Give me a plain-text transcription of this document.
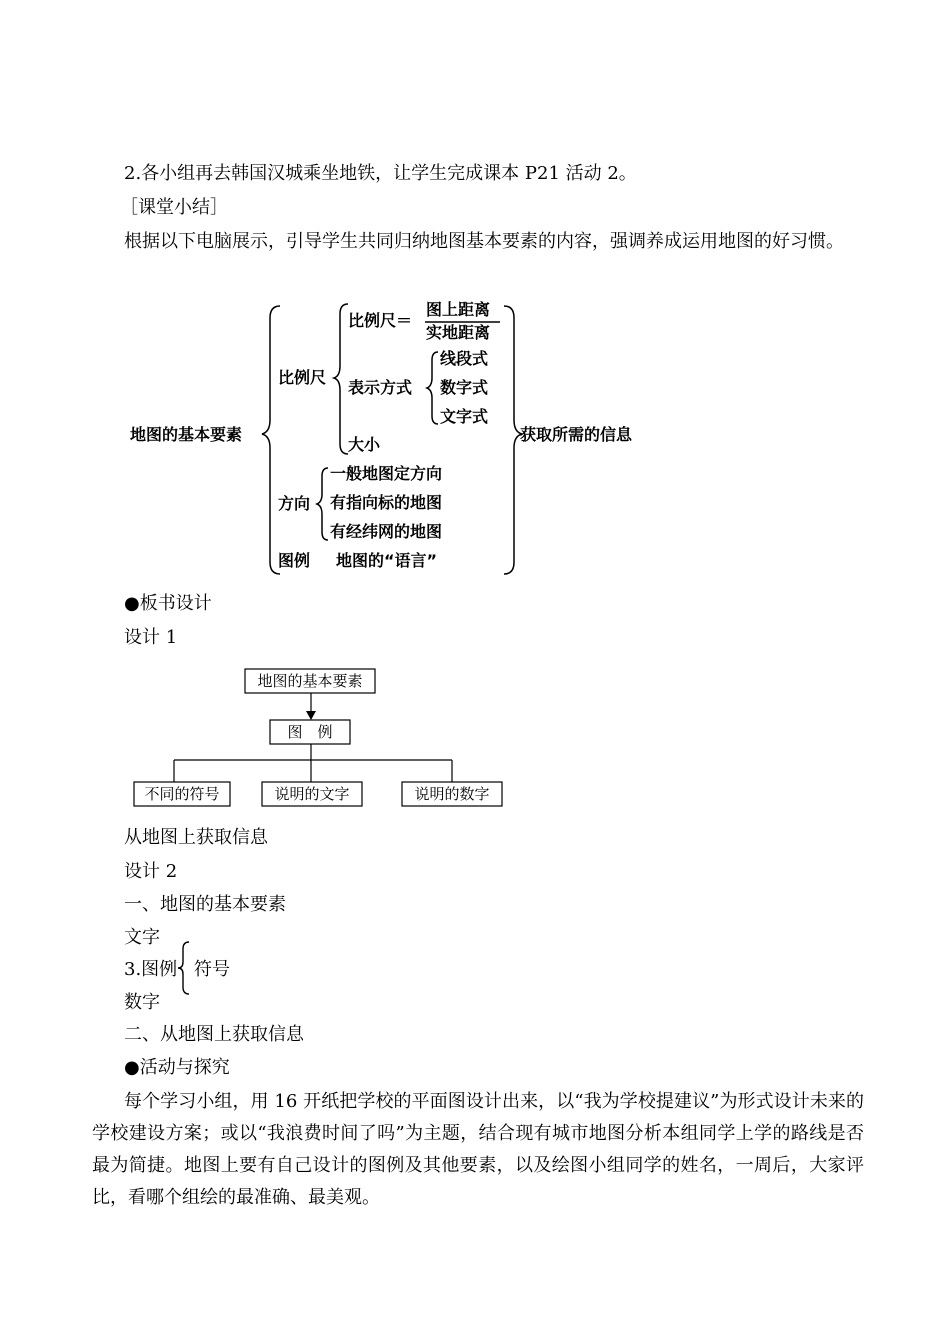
2.各小组再去韩国汉城乘坐地铁，让学生完成课本 P21 活动 2。
［课堂小结］
根据以下电脑展示，引导学生共同归纳地图基本要素的内容，强调养成运用地图的好习惯。
地图的基本要素
比例尺
比例尺＝
图上距离
实地距离
表示方式
线段式
数字式
文字式
大小
方向
一般地图定方向
有指向标的地图
有经纬网的地图
图例 地图的“语言”
获取所需的信息
●板书设计
设计 1
地图的基本要素
图　例
不同的符号	说明的文字	说明的数字
从地图上获取信息
设计 2
一、地图的基本要素
文字
3.图例 符号
数字
二、从地图上获取信息
●活动与探究
每个学习小组，用 16 开纸把学校的平面图设计出来，以“我为学校提建议”为形式设计未来的学校建设方案；或以“我浪费时间了吗”为主题，结合现有城市地图分析本组同学上学的路线是否最为简捷。地图上要有自己设计的图例及其他要素，以及绘图小组同学的姓名，一周后，大家评比，看哪个组绘的最准确、最美观。
